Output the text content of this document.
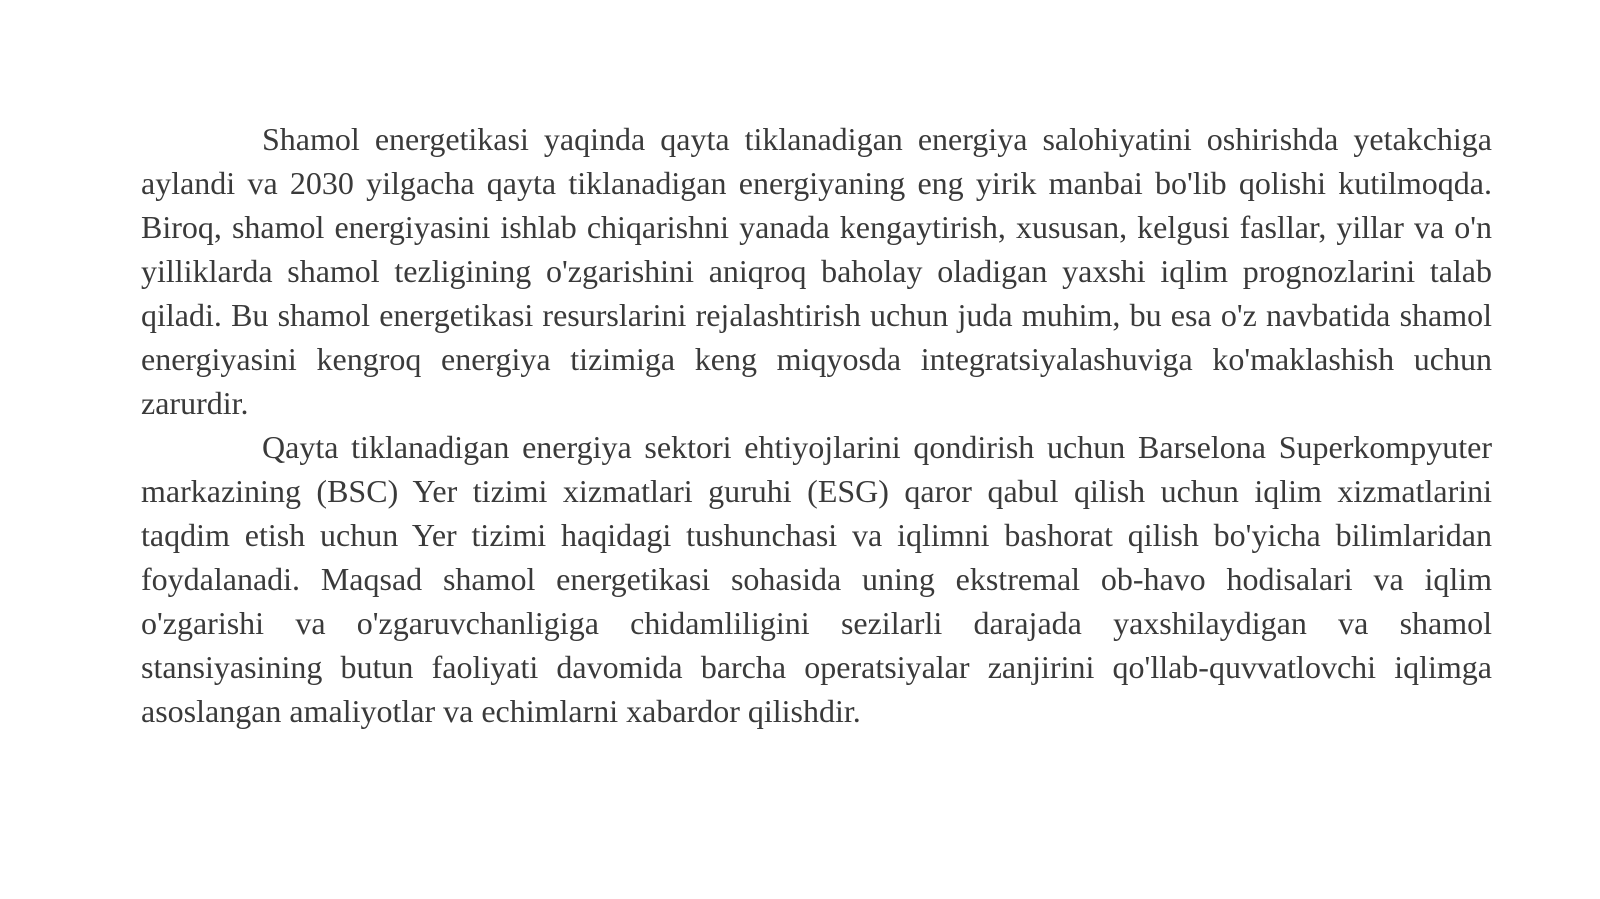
Shamol energetikasi yaqinda qayta tiklanadigan energiya salohiyatini oshirishda yetakchiga aylandi va 2030 yilgacha qayta tiklanadigan energiyaning eng yirik manbai bo'lib qolishi kutilmoqda. Biroq, shamol energiyasini ishlab chiqarishni yanada kengaytirish, xususan, kelgusi fasllar, yillar va o'n yilliklarda shamol tezligining o'zgarishini aniqroq baholay oladigan yaxshi iqlim prognozlarini talab qiladi. Bu shamol energetikasi resurslarini rejalashtirish uchun juda muhim, bu esa o'z navbatida shamol energiyasini kengroq energiya tizimiga keng miqyosda integratsiyalashuviga ko'maklashish uchun zarurdir.

Qayta tiklanadigan energiya sektori ehtiyojlarini qondirish uchun Barselona Superkompyuter markazining (BSC) Yer tizimi xizmatlari guruhi (ESG) qaror qabul qilish uchun iqlim xizmatlarini taqdim etish uchun Yer tizimi haqidagi tushunchasi va iqlimni bashorat qilish bo'yicha bilimlaridan foydalanadi. Maqsad shamol energetikasi sohasida uning ekstremal ob-havo hodisalari va iqlim o'zgarishi va o'zgaruvchanligiga chidamliligini sezilarli darajada yaxshilaydigan va shamol stansiyasining butun faoliyati davomida barcha operatsiyalar zanjirini qo'llab-quvvatlovchi iqlimga asoslangan amaliyotlar va echimlarni xabardor qilishdir.
